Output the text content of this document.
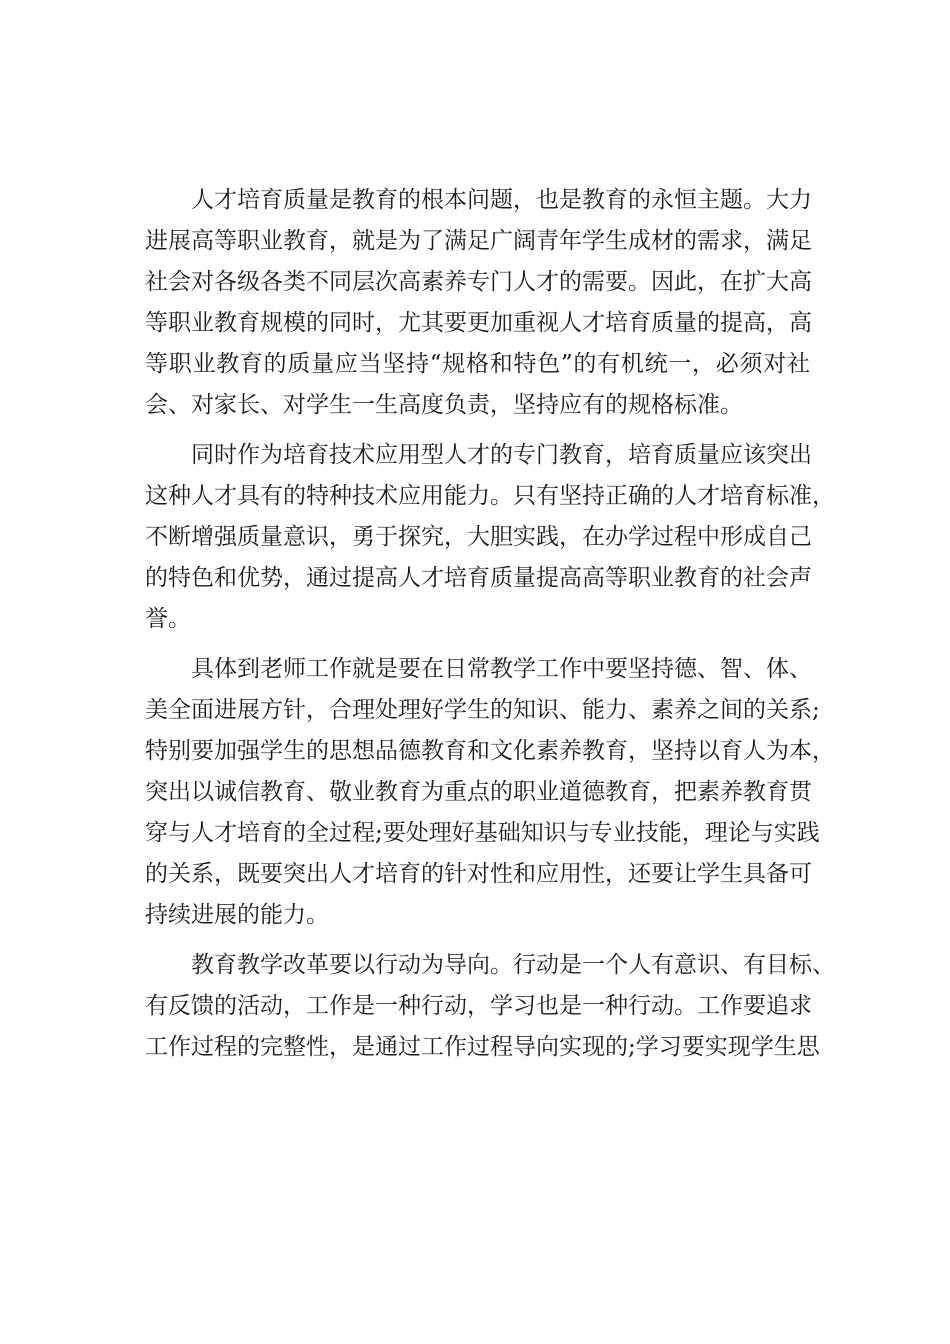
人才培育质量是教育的根本问题，也是教育的永恒主题。大力
进展高等职业教育，就是为了满足广阔青年学生成材的需求，满足
社会对各级各类不同层次高素养专门人才的需要。因此，在扩大高
等职业教育规模的同时，尤其要更加重视人才培育质量的提高，高
等职业教育的质量应当坚持“规格和特色”的有机统一，必须对社
会、对家长、对学生一生高度负责，坚持应有的规格标准。
同时作为培育技术应用型人才的专门教育，培育质量应该突出
这种人才具有的特种技术应用能力。只有坚持正确的人才培育标准，
不断增强质量意识，勇于探究，大胆实践，在办学过程中形成自己
的特色和优势，通过提高人才培育质量提高高等职业教育的社会声
誉。
具体到老师工作就是要在日常教学工作中要坚持德、智、体、
美全面进展方针，合理处理好学生的知识、能力、素养之间的关系;
特别要加强学生的思想品德教育和文化素养教育，坚持以育人为本，
突出以诚信教育、敬业教育为重点的职业道德教育，把素养教育贯
穿与人才培育的全过程;要处理好基础知识与专业技能，理论与实践
的关系，既要突出人才培育的针对性和应用性，还要让学生具备可
持续进展的能力。
教育教学改革要以行动为导向。行动是一个人有意识、有目标、
有反馈的活动，工作是一种行动，学习也是一种行动。工作要追求
工作过程的完整性，是通过工作过程导向实现的;学习要实现学生思
